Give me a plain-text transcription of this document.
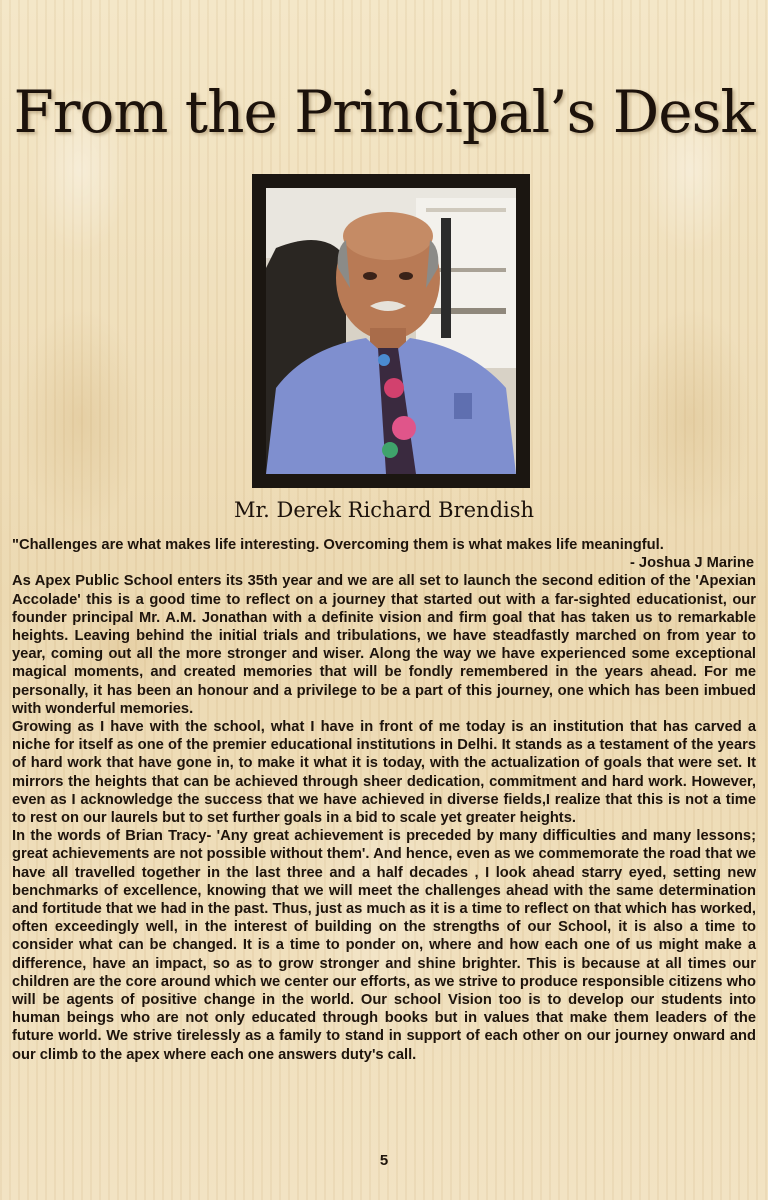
From the Principal’s Desk
Mr. Derek Richard Brendish

"Challenges are what makes life interesting. Overcoming them is what makes life meaningful.

- Joshua J Marine

As Apex Public School enters its 35th year and we are all set to launch the second edition of the 'Apexian Accolade' this is a good time to reflect on a journey that started out with a far-sighted educationist, our founder principal Mr. A.M. Jonathan with a definite vision and firm goal that has taken us to remarkable heights. Leaving behind the initial trials and tribulations, we have steadfastly marched on from year to year, coming out all the more stronger and wiser. Along the way we have experienced some exceptional magical moments, and created memories that will be fondly remembered in the years ahead. For me personally, it has been an honour and a privilege to be a part of this journey, one which has been imbued with wonderful memories.

Growing as I have with the school, what I have in front of me today is an institution that has carved a niche for itself as one of the premier educational institutions in Delhi. It stands as a testament of the years of hard work that have gone in, to make it what it is today, with the actualization of goals that were set. It mirrors the heights that can be achieved through sheer dedication, commitment and hard work. However, even as I acknowledge the success that we have achieved in diverse fields,I realize that this is not a time to rest on our laurels but to set further goals in a bid to scale yet greater heights.

In the words of Brian Tracy- 'Any great achievement is preceded by many difficulties and many lessons; great achievements are not possible without them'. And hence, even as we commemorate the road that we have all travelled together in the last three and a half decades , I look ahead starry eyed, setting new benchmarks of excellence, knowing that we will meet the challenges ahead with the same determination and fortitude that we had in the past. Thus, just as much as it is a time to reflect on that which has worked, often exceedingly well, in the interest of building on the strengths of our School, it is also a time to consider what can be changed. It is a time to ponder on, where and how each one of us might make a difference, have an impact, so as to grow stronger and shine brighter. This is because at all times our children are the core around which we center our efforts, as we strive to produce responsible citizens who will be agents of positive change in the world. Our school Vision too is to develop our students into human beings who are not only educated through books but in values that make them leaders of the future world. We strive tirelessly as a family to stand in support of each other on our journey onward and our climb to the apex where each one answers duty's call.

5
